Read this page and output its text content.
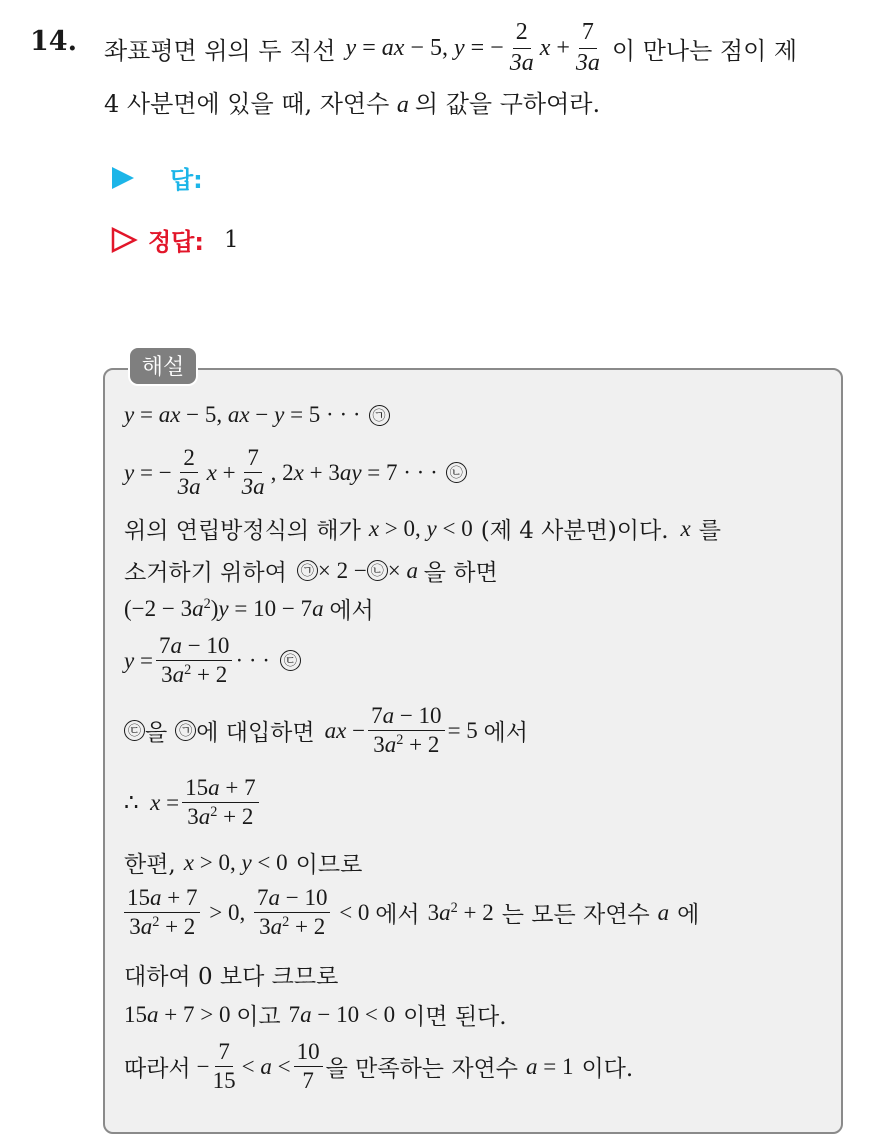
14. 좌표평면 위의 두 직선 y = ax − 5, y = − $\frac{2}{3a}$ $x + \frac{7}{3a}$ 이 만나는 점이 제
4 사분면에 있을 때, 자연수 a 의 값을 구하여라.
답:
정답: 1
해설
y = ax − 5, ax − y = 5 · · · ㉠
y = − $\frac{2}{3a}$ $x + \frac{7}{3a}$ , 2x + 3ay = 7 · · · ㉡
위의 연립방정식의 해가 x > 0, y < 0 (제 4 사분면)이다. x 를
소거하기 위하여	㉠ × 2 − ㉡ × a 을 하면
$(-2 - 3a^2)y = 10 - 7a$ 에서
$y = \frac{7a - 10}{3a^2 + 2}$ · · ·	㉢
㉢ 을 ㉠ 에 대입하면 ax − $\frac{7a - 10}{3a^2 + 2} = 5$ 에서
∴  $x = \frac{15a + 7}{3a^2 + 2}$
한편, x > 0, y < 0 이므로
$\frac{15a + 7}{3a^2 + 2} > 0$, $\frac{7a - 10}{3a^2 + 2} < 0$ 에서 $3a^2 + 2$ 는 모든 자연수 a 에
대하여 0 보다 크므로
15a + 7 > 0 이고 7a − 10 < 0 이면 된다.
따라서 − $\frac{7}{15} < a < \frac{10}{7}$ 을 만족하는 자연수 a = 1 이다.
